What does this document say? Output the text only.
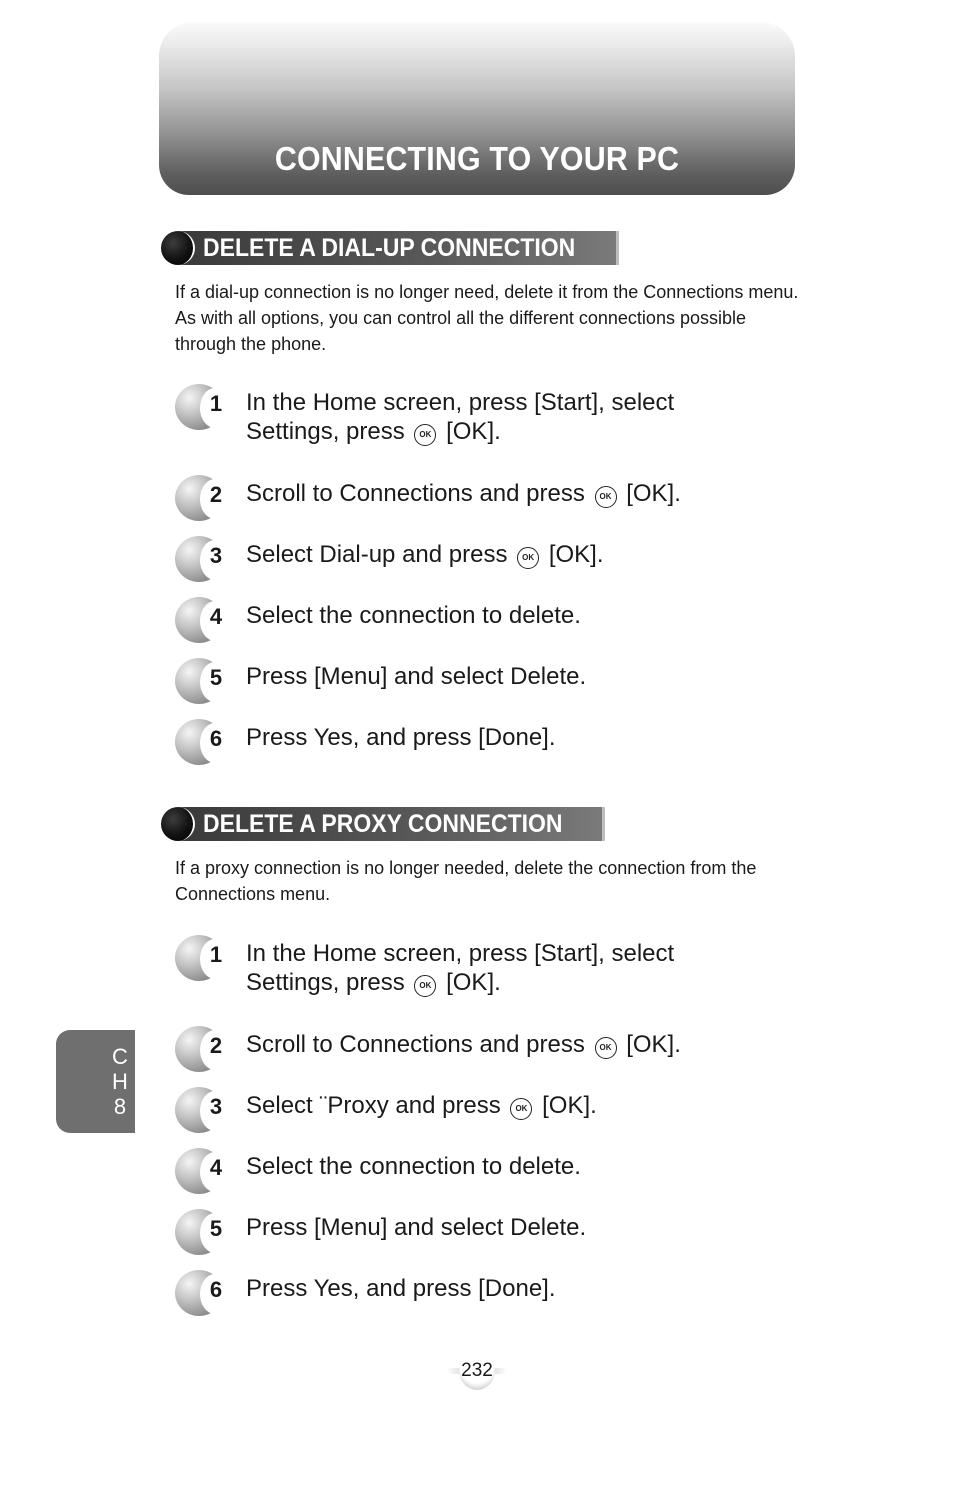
CONNECTING TO YOUR PC
DELETE A DIAL-UP CONNECTION
If a dial-up connection is no longer need, delete it from the Connections menu. As with all options, you can control all the different connections possible through the phone.
1 In the Home screen, press [Start], select
Settings, press OK [OK].
2 Scroll to Connections and press OK [OK].
3 Select Dial-up and press OK [OK].
4 Select the connection to delete.
5 Press [Menu] and select Delete.
6 Press Yes, and press [Done].
DELETE A PROXY CONNECTION
If a proxy connection is no longer needed, delete the connection from the Connections menu.
1 In the Home screen, press [Start], select
Settings, press OK [OK].
2 Scroll to Connections and press OK [OK].
3 Select ¨Proxy and press OK [OK].
4 Select the connection to delete.
5 Press [Menu] and select Delete.
6 Press Yes, and press [Done].
C
H
8
232
